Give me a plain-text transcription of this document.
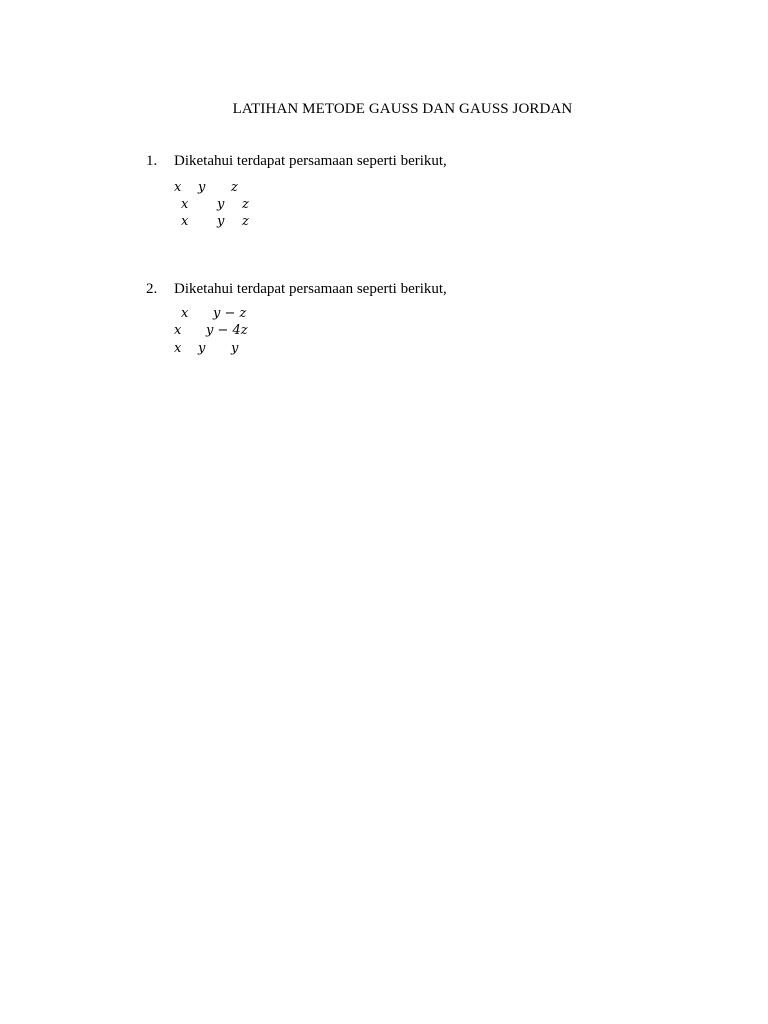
LATIHAN METODE GAUSS DAN GAUSS JORDAN
1. Diketahui terdapat persamaan seperti berikut,
x y z
x y z
x y z
2. Diketahui terdapat persamaan seperti berikut,
x y − z
x y − 4z
x y y
